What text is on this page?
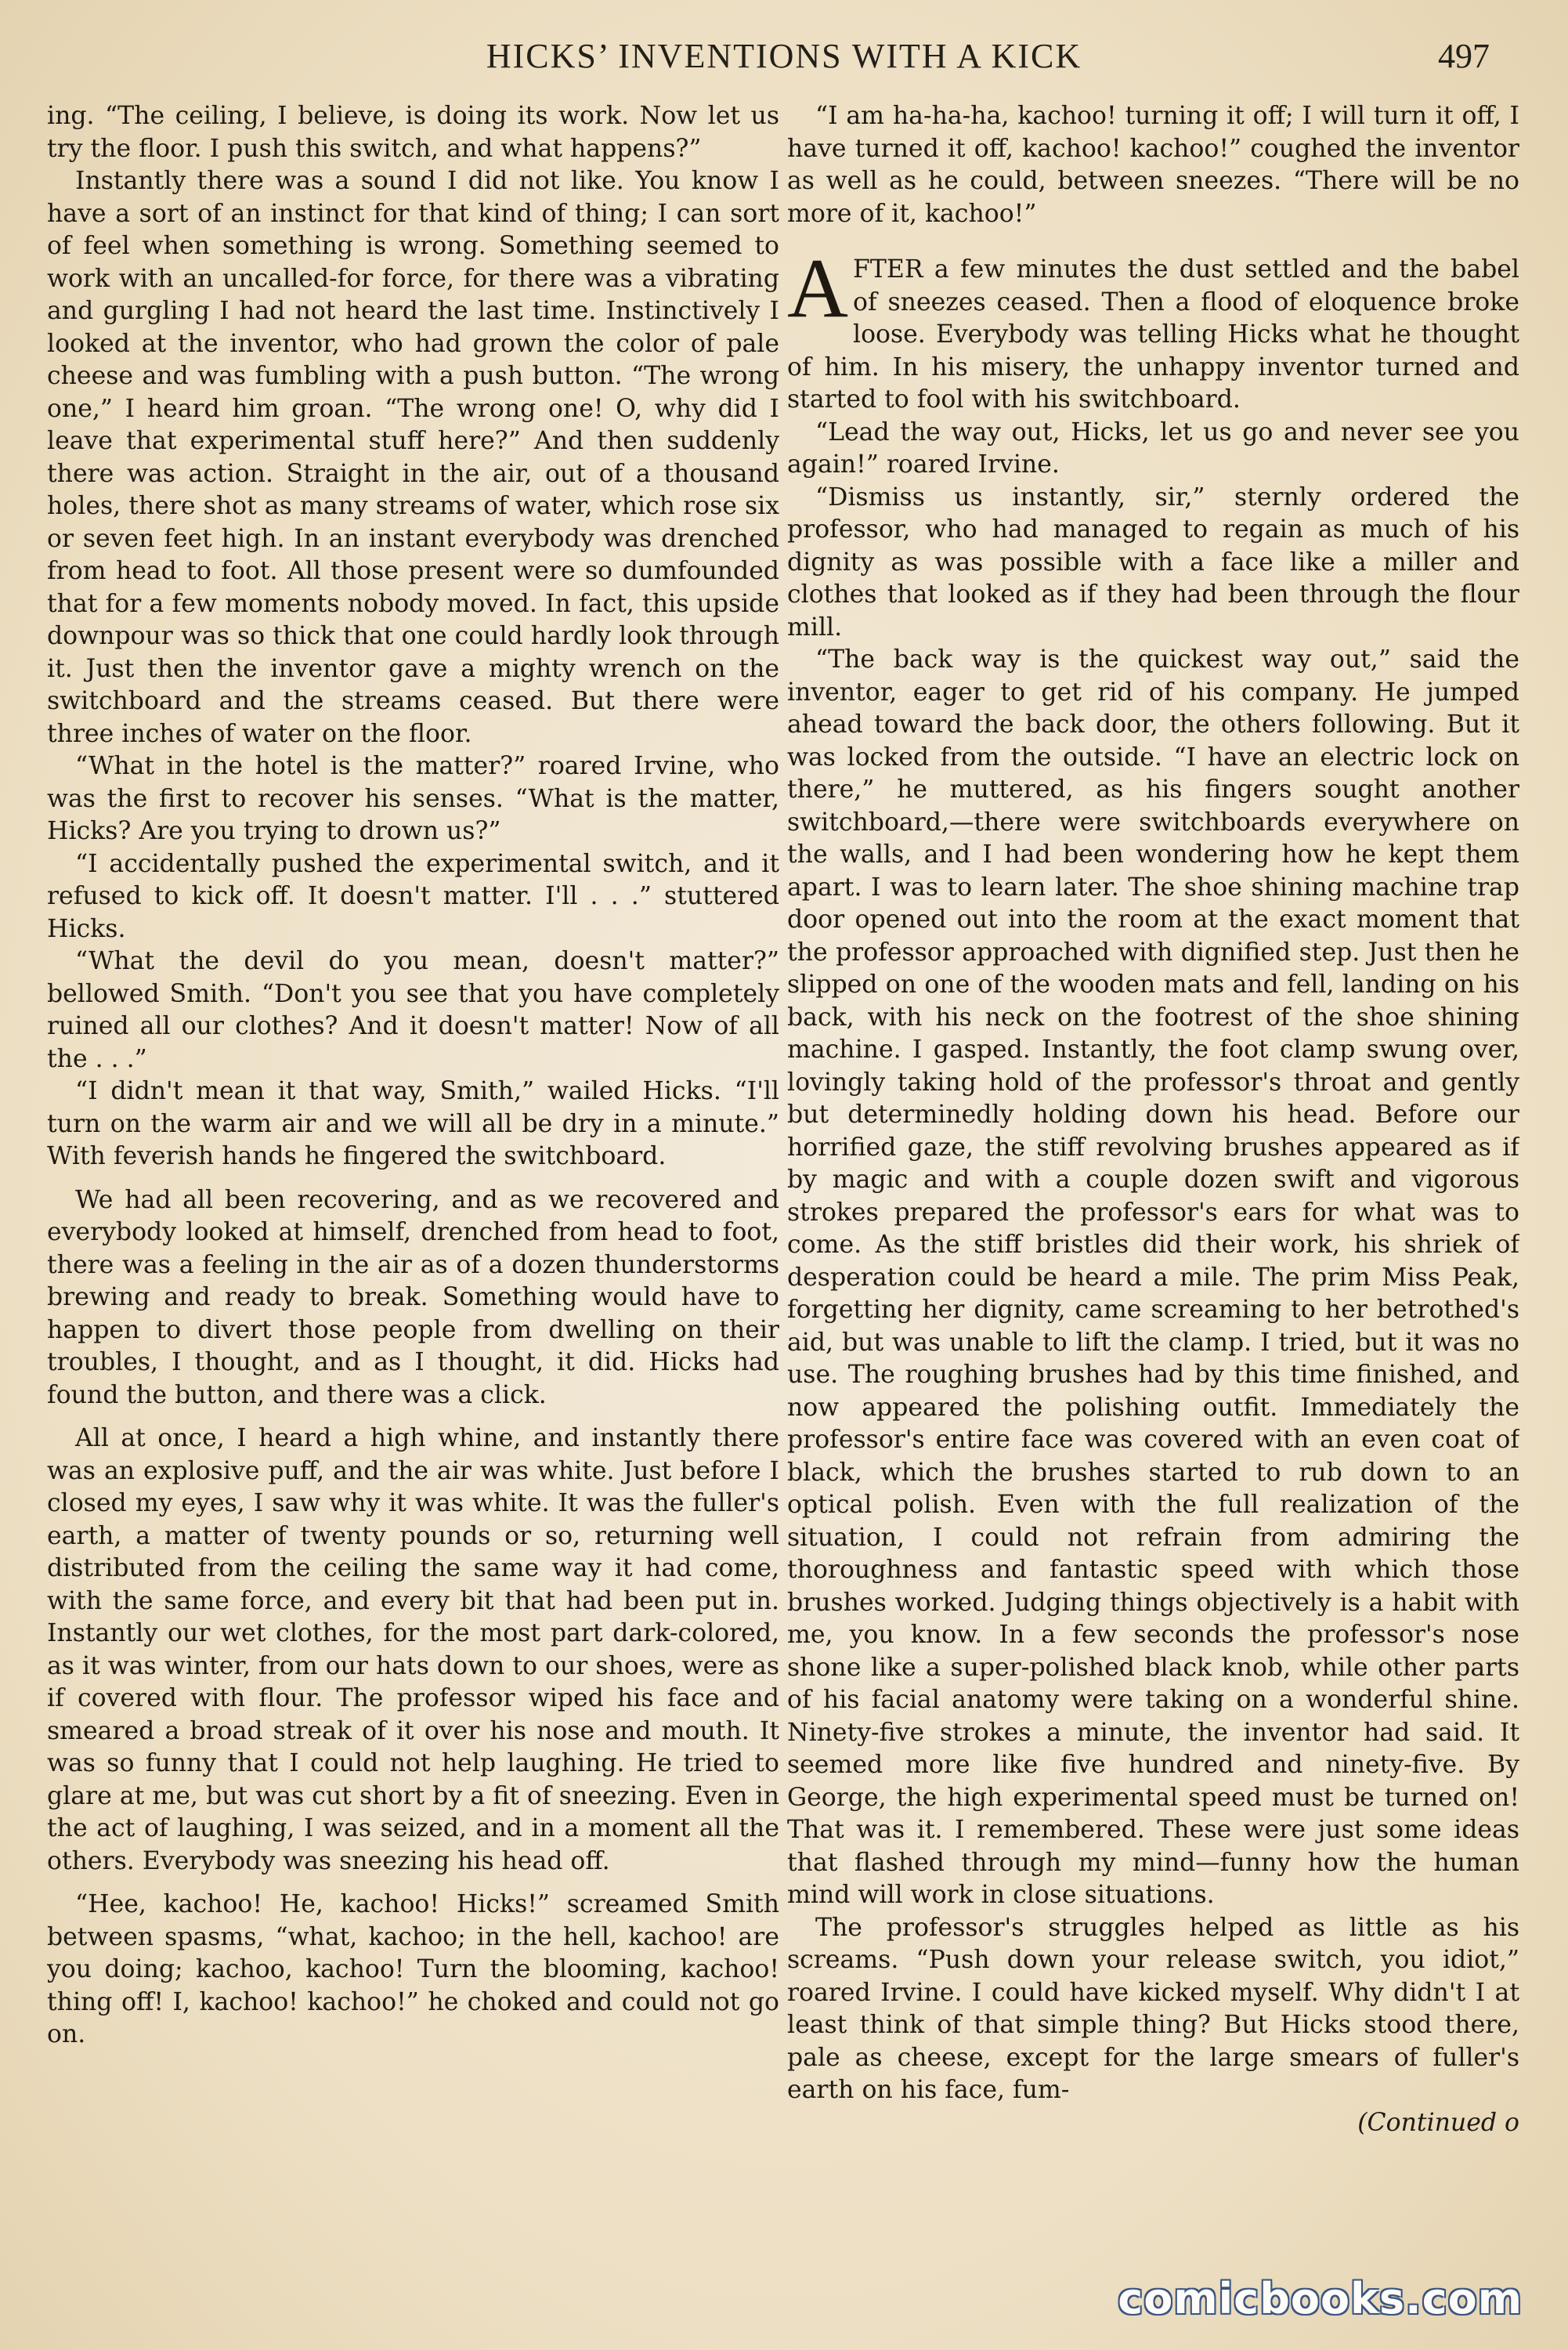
HICKS’ INVENTIONS WITH A KICK	497

ing. “The ceiling, I believe, is doing its work. Now let us try the floor. I push this switch, and what happens?”

Instantly there was a sound I did not like. You know I have a sort of an instinct for that kind of thing; I can sort of feel when something is wrong. Something seemed to work with an uncalled-for force, for there was a vibrating and gurgling I had not heard the last time. Instinctively I looked at the inventor, who had grown the color of pale cheese and was fumbling with a push button. “The wrong one,” I heard him groan. “The wrong one! O, why did I leave that experimental stuff here?” And then suddenly there was action. Straight in the air, out of a thousand holes, there shot as many streams of water, which rose six or seven feet high. In an instant everybody was drenched from head to foot. All those present were so dumfounded that for a few moments nobody moved. In fact, this upside downpour was so thick that one could hardly look through it. Just then the inventor gave a mighty wrench on the switchboard and the streams ceased. But there were three inches of water on the floor.

“What in the hotel is the matter?” roared Irvine, who was the first to recover his senses. “What is the matter, Hicks? Are you trying to drown us?”

“I accidentally pushed the experimental switch, and it refused to kick off. It doesn't matter. I'll . . .” stuttered Hicks.

“What the devil do you mean, doesn't matter?” bellowed Smith. “Don't you see that you have completely ruined all our clothes? And it doesn't matter! Now of all the . . .”

“I didn't mean it that way, Smith,” wailed Hicks. “I'll turn on the warm air and we will all be dry in a minute.” With feverish hands he fingered the switchboard.

We had all been recovering, and as we recovered and everybody looked at himself, drenched from head to foot, there was a feeling in the air as of a dozen thunderstorms brewing and ready to break. Something would have to happen to divert those people from dwelling on their troubles, I thought, and as I thought, it did. Hicks had found the button, and there was a click.

All at once, I heard a high whine, and instantly there was an explosive puff, and the air was white. Just before I closed my eyes, I saw why it was white. It was the fuller's earth, a matter of twenty pounds or so, returning well distributed from the ceiling the same way it had come, with the same force, and every bit that had been put in. Instantly our wet clothes, for the most part dark-colored, as it was winter, from our hats down to our shoes, were as if covered with flour. The professor wiped his face and smeared a broad streak of it over his nose and mouth. It was so funny that I could not help laughing. He tried to glare at me, but was cut short by a fit of sneezing. Even in the act of laughing, I was seized, and in a moment all the others. Everybody was sneezing his head off.

“Hee, kachoo! He, kachoo! Hicks!” screamed Smith between spasms, “what, kachoo; in the hell, kachoo! are you doing; kachoo, kachoo! Turn the blooming, kachoo! thing off! I, kachoo! kachoo!” he choked and could not go on.

“I am ha-ha-ha, kachoo! turning it off; I will turn it off, I have turned it off, kachoo! kachoo!” coughed the inventor as well as he could, between sneezes. “There will be no more of it, kachoo!”

AFTER a few minutes the dust settled and the babel of sneezes ceased. Then a flood of eloquence broke loose. Everybody was telling Hicks what he thought of him. In his misery, the unhappy inventor turned and started to fool with his switchboard.

“Lead the way out, Hicks, let us go and never see you again!” roared Irvine.

“Dismiss us instantly, sir,” sternly ordered the professor, who had managed to regain as much of his dignity as was possible with a face like a miller and clothes that looked as if they had been through the flour mill.

“The back way is the quickest way out,” said the inventor, eager to get rid of his company. He jumped ahead toward the back door, the others following. But it was locked from the outside. “I have an electric lock on there,” he muttered, as his fingers sought another switchboard,—there were switchboards everywhere on the walls, and I had been wondering how he kept them apart. I was to learn later. The shoe shining machine trap door opened out into the room at the exact moment that the professor approached with dignified step. Just then he slipped on one of the wooden mats and fell, landing on his back, with his neck on the footrest of the shoe shining machine. I gasped. Instantly, the foot clamp swung over, lovingly taking hold of the professor's throat and gently but determinedly holding down his head. Before our horrified gaze, the stiff revolving brushes appeared as if by magic and with a couple dozen swift and vigorous strokes prepared the professor's ears for what was to come. As the stiff bristles did their work, his shriek of desperation could be heard a mile. The prim Miss Peak, forgetting her dignity, came screaming to her betrothed's aid, but was unable to lift the clamp. I tried, but it was no use. The roughing brushes had by this time finished, and now appeared the polishing outfit. Immediately the professor's entire face was covered with an even coat of black, which the brushes started to rub down to an optical polish. Even with the full realization of the situation, I could not refrain from admiring the thoroughness and fantastic speed with which those brushes worked. Judging things objectively is a habit with me, you know. In a few seconds the professor's nose shone like a super-polished black knob, while other parts of his facial anatomy were taking on a wonderful shine. Ninety-five strokes a minute, the inventor had said. It seemed more like five hundred and ninety-five. By George, the high experimental speed must be turned on! That was it. I remembered. These were just some ideas that flashed through my mind—funny how the human mind will work in close situations.

The professor's struggles helped as little as his screams. “Push down your release switch, you idiot,” roared Irvine. I could have kicked myself. Why didn't I at least think of that simple thing? But Hicks stood there, pale as cheese, except for the large smears of fuller's earth on his face, fum-

(Continued o

comicbooks.com
